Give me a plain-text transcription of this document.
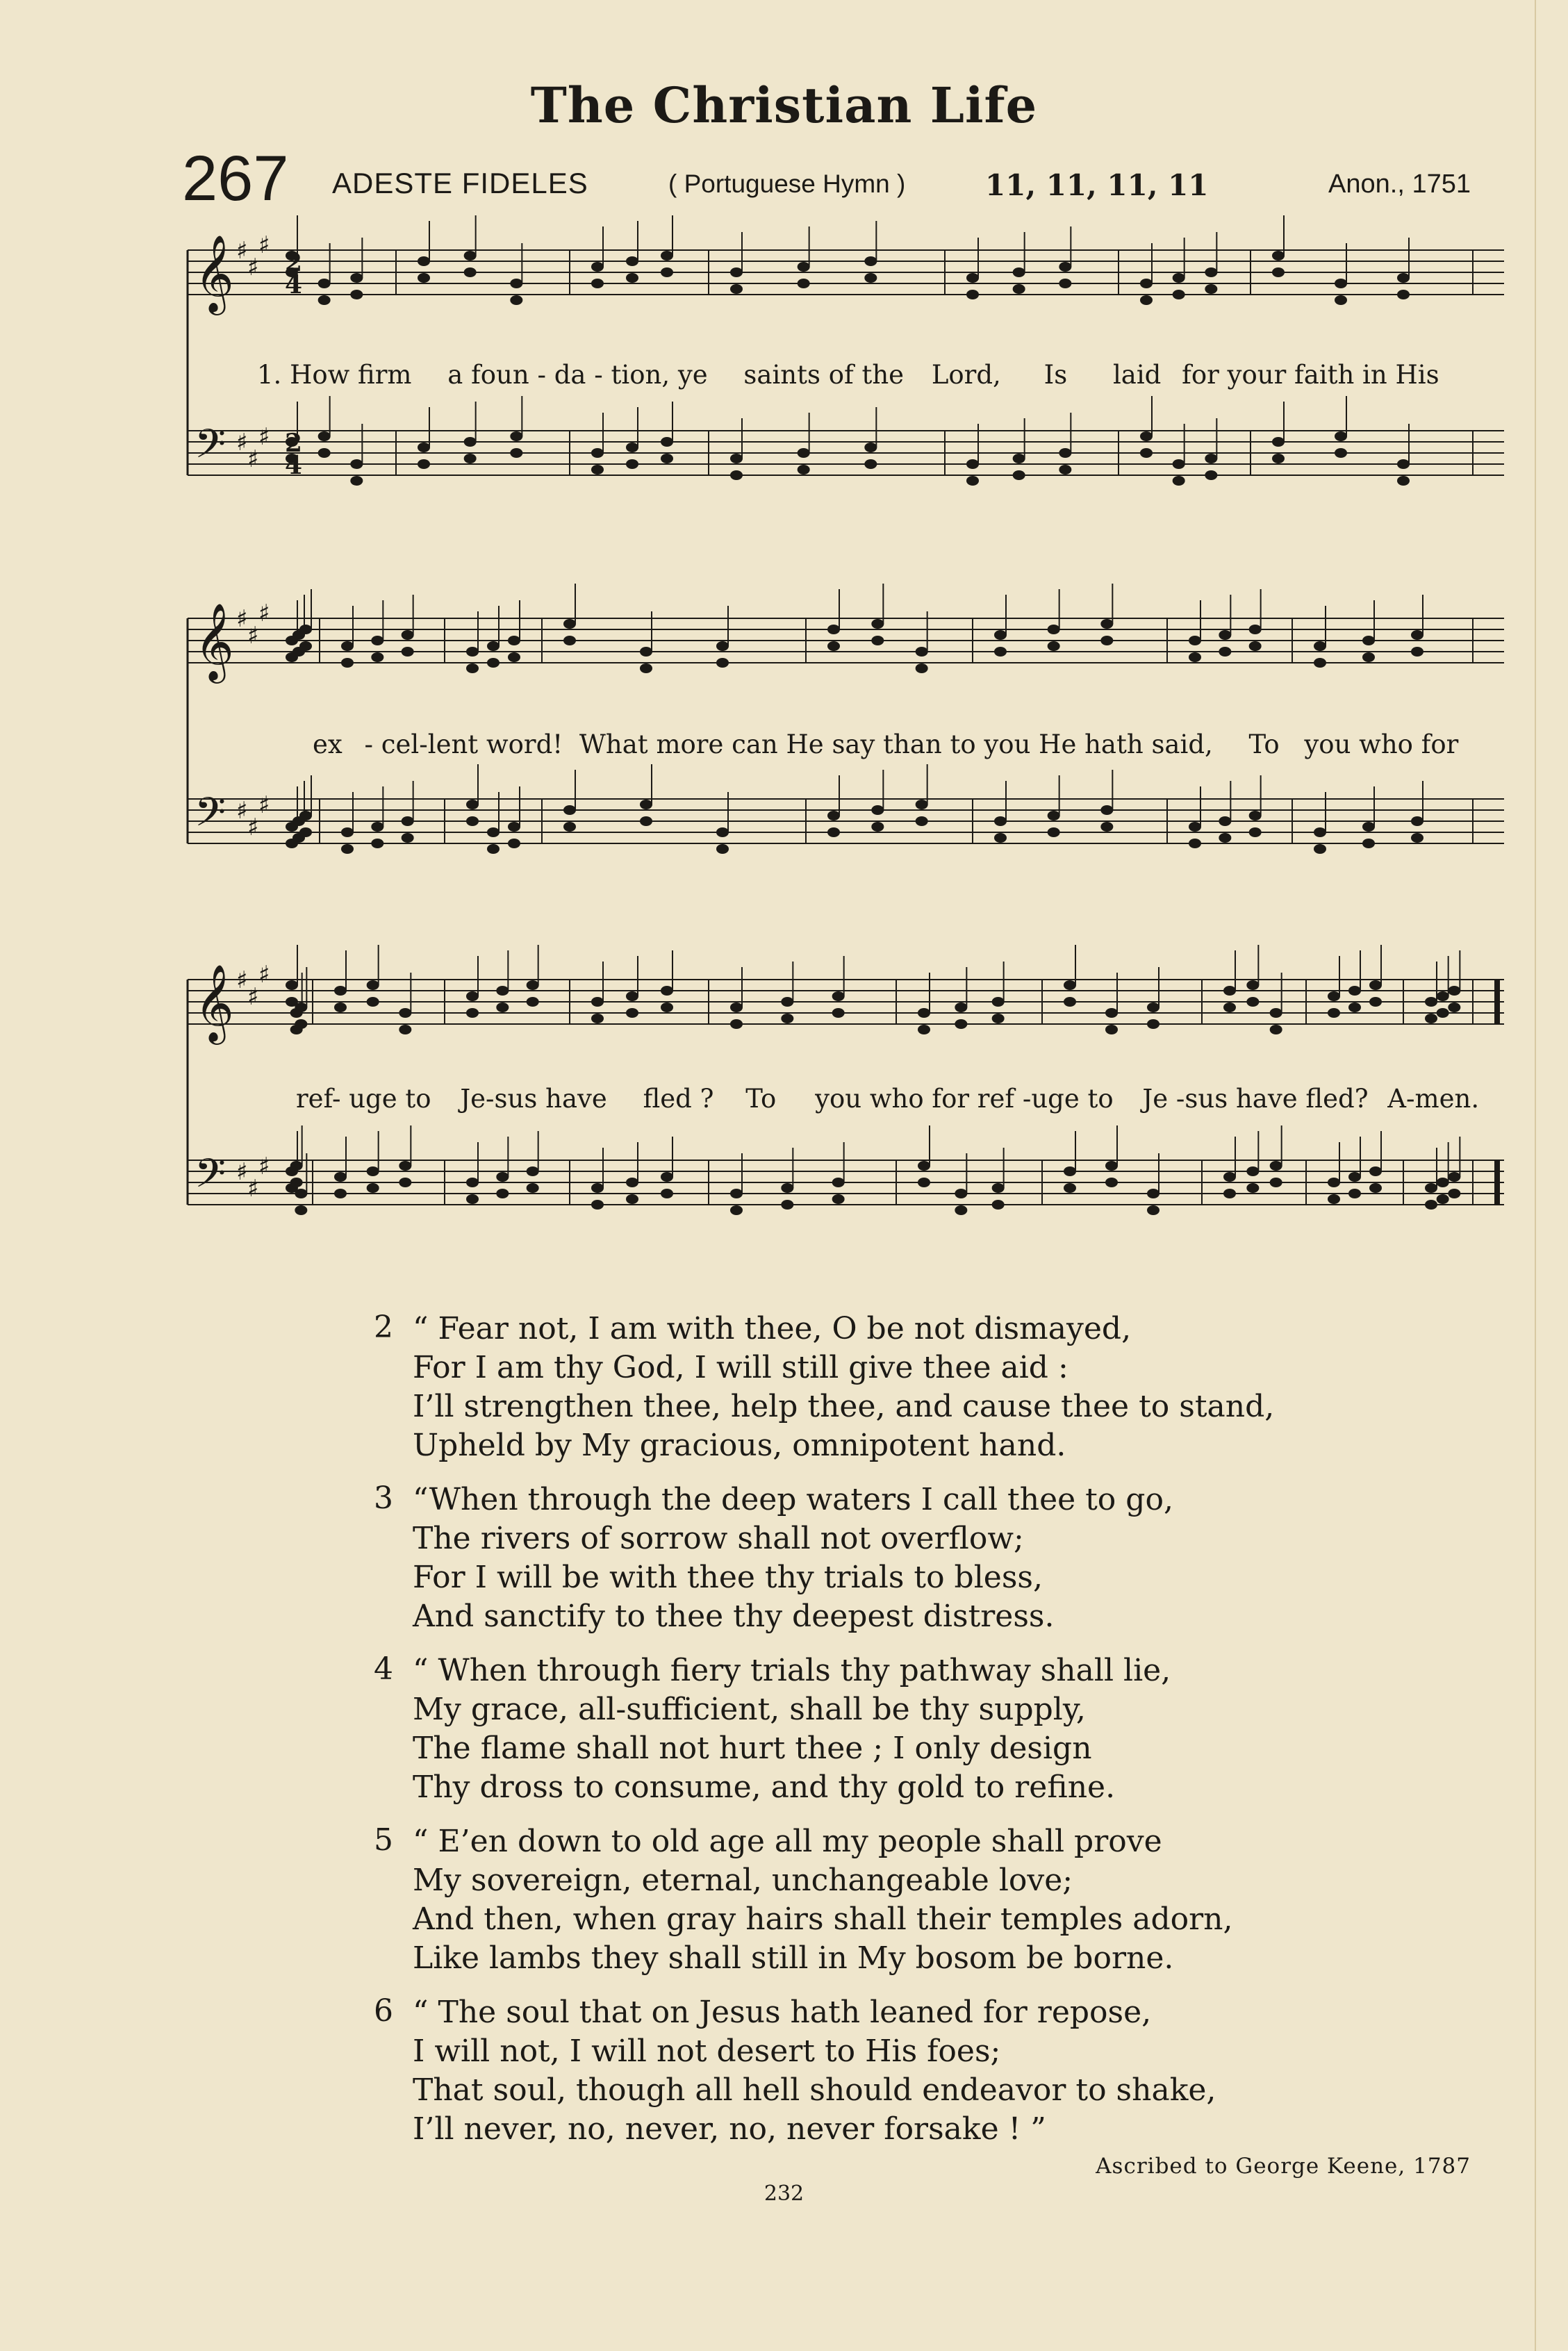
The Christian Life
267 ADESTE FIDELES	( Portuguese Hymn )	11, 11, 11, 11	Anon., 1751
𝄞 ♯
♯
♯
𝄢 ♯
♯
♯
2
4
2
4
1. How firm a foun - da - tion, ye saints of the Lord, Is laid for your faith in His
𝄞 ♯
♯
♯
𝄢 ♯
♯
♯
ex - cel-lent word! What more can He say than to you He hath said, To you who for
𝄞 ♯
♯
♯
𝄢 ♯
♯
♯
ref- uge to Je-sus have fled ? To you who for ref -uge to Je -sus have fled? A-men.
2 “ Fear not, I am with thee, O be not dismayed,
For I am thy God, I will still give thee aid :
I’ll strengthen thee, help thee, and cause thee to stand,
Upheld by My gracious, omnipotent hand.
3 “When through the deep waters I call thee to go,
The rivers of sorrow shall not overflow;
For I will be with thee thy trials to bless,
And sanctify to thee thy deepest distress.
4 “ When through fiery trials thy pathway shall lie,
My grace, all-sufficient, shall be thy supply,
The flame shall not hurt thee ; I only design
Thy dross to consume, and thy gold to refine.
5 “ E’en down to old age all my people shall prove
My sovereign, eternal, unchangeable love;
And then, when gray hairs shall their temples adorn,
Like lambs they shall still in My bosom be borne.
6 “ The soul that on Jesus hath leaned for repose,
I will not, I will not desert to His foes;
That soul, though all hell should endeavor to shake,
I’ll never, no, never, no, never forsake ! ”
Ascribed to George Keene, 1787
232
